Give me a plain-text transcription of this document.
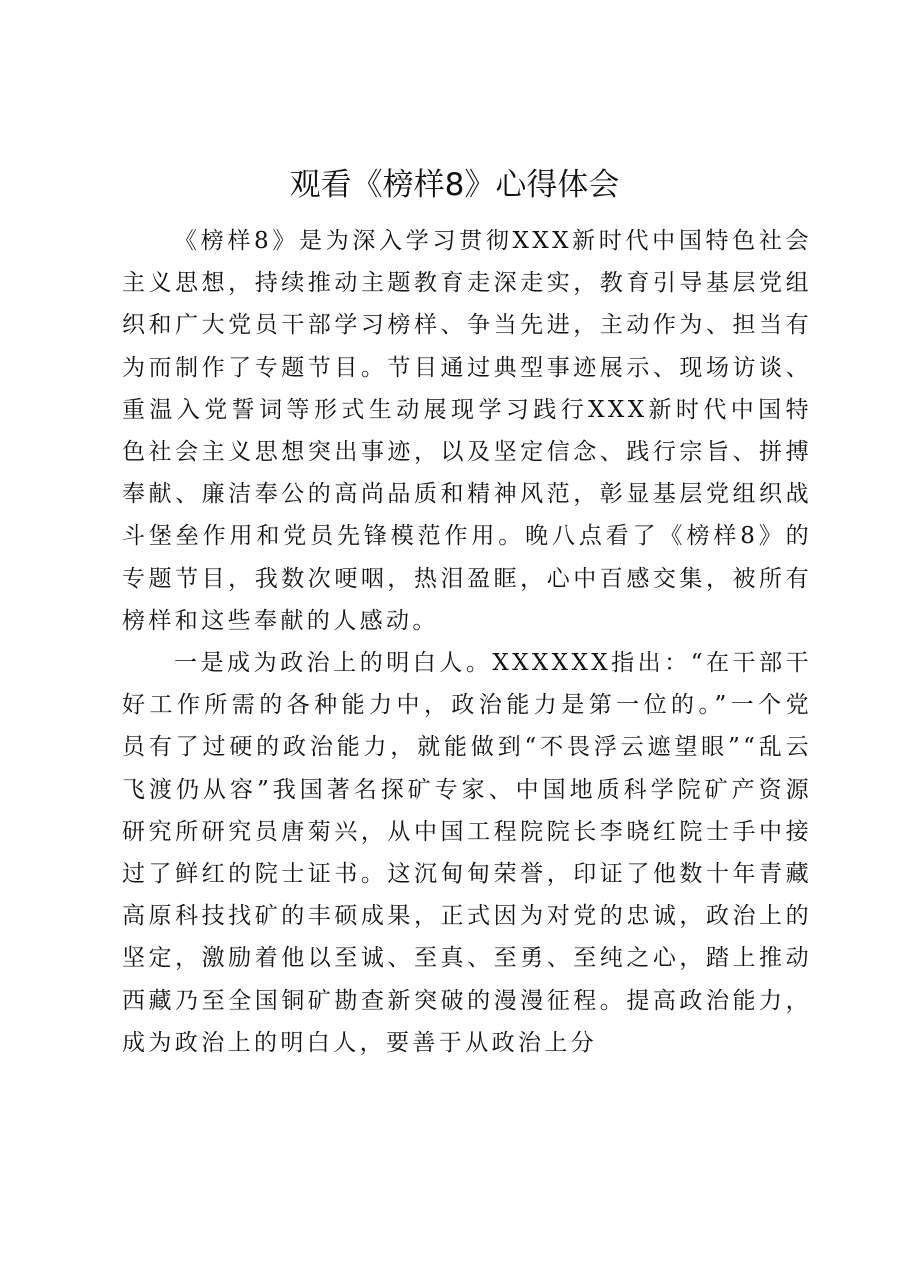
观看《榜样8》心得体会

《榜样8》是为深入学习贯彻XXX新时代中国特色社会主义思想，持续推动主题教育走深走实，教育引导基层党组织和广大党员干部学习榜样、争当先进，主动作为、担当有为而制作了专题节目。节目通过典型事迹展示、现场访谈、重温入党誓词等形式生动展现学习践行XXX新时代中国特色社会主义思想突出事迹，以及坚定信念、践行宗旨、拼搏奉献、廉洁奉公的高尚品质和精神风范，彰显基层党组织战斗堡垒作用和党员先锋模范作用。晚八点看了《榜样8》的专题节目，我数次哽咽，热泪盈眶，心中百感交集，被所有榜样和这些奉献的人感动。

一是成为政治上的明白人。XXXXXX指出：“在干部干好工作所需的各种能力中，政治能力是第一位的。”一个党员有了过硬的政治能力，就能做到“不畏浮云遮望眼”“乱云飞渡仍从容”我国著名探矿专家、中国地质科学院矿产资源研究所研究员唐菊兴，从中国工程院院长李晓红院士手中接过了鲜红的院士证书。这沉甸甸荣誉，印证了他数十年青藏高原科技找矿的丰硕成果，正式因为对党的忠诚，政治上的坚定，激励着他以至诚、至真、至勇、至纯之心，踏上推动西藏乃至全国铜矿勘查新突破的漫漫征程。提高政治能力，成为政治上的明白人，要善于从政治上分
